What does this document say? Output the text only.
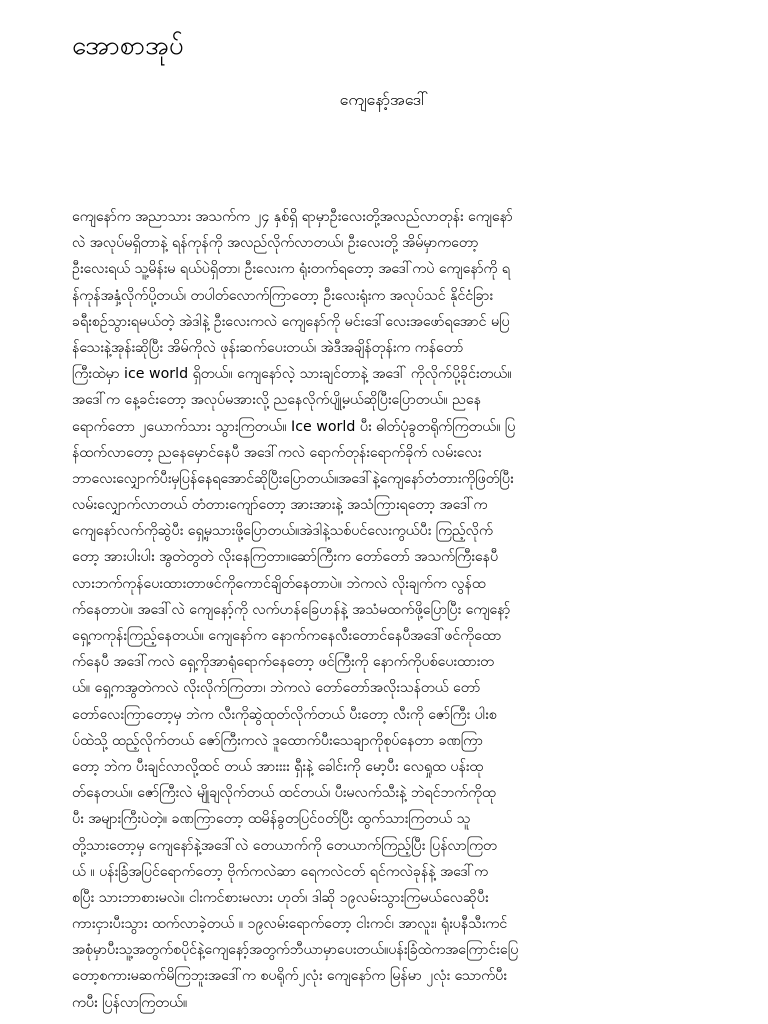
အောစာအုပ်
ကျေနော့်အဒေါ်
ကျေနော်က အညာသား အသက်က ၂၄ နှစ်ရှိ ရာမှာဦးလေးတို့အလည်လာတုန်း ကျေနော်
လဲ အလုပ်မရှိတာနဲ့ ရန်ကုန်ကို အလည်လိုက်လာတယ်၊ ဦးလေးတို့ အိမ်မှာကတော့
ဦးလေးရယ် သူ့မိန်းမ ရယ်ပဲရှိတာ၊ ဦးလေးက ရုံးတက်ရတော့ အဒေါ်ကပဲ ကျေနော်ကို ရ
န်ကုန်အနှံ့လိုက်ပို့တယ်၊ တပါတ်လောက်ကြာတော့ ဦးလေးရုံးက အလုပ်သင် နိုင်ငံခြား
ခရီးစဉ်သွားရမယ်တဲ့ အဲဒါနဲ့ ဦးလေးကလဲ ကျေနော်ကို မင်းဒေါ်လေးအဖော်ရအောင် မပြ
န်သေးနဲ့အုန်းဆိုပြီး အိမ်ကိုလဲ ဖုန်းဆက်ပေးတယ်၊ အဲဒီအချိန်တုန်းက ကန်တော်
ကြီးထဲမှာ ice world ရှိတယ်။ ကျေနော်လဲ့ သားချင်တာနဲ့ အဒေါ် ကိုလိုက်ပို့ခိုင်းတယ်။
အဒေါ်က နေ့ခင်းတော့ အလုပ်မအားလို့ ညနေလိုက်ပျို့မယ်ဆိုပြီးပြောတယ်။ ညနေ
ရောက်တော ၂ယောက်သား သွားကြတယ်။ Ice world ပီး ဓါတ်ပုံခွတရိုက်ကြတယ်။ ပြ
န်ထက်လာတော့ ညနေမှောင်နေပီ အဒေါ်ကလဲ ရောက်တုန်းရောက်ခိုက် လမ်းလေး
ဘာလေးလျှောက်ပီးမှပြန်နေရအောင်ဆိုပြီးပြောတယ်။အဒေါ်နဲ့ကျေနော်တံတားကိုဖြတ်ပြီး
လမ်းလျှောက်လာတယ် တံတားကျော်တော့ အားအားနဲ့ အသံကြားရတော့ အဒေါ်က
ကျေနော်လက်ကိုဆွဲပီး ရှေ့မှသားဖို့ပြောတယ်။အဲဒါနဲ့သစ်ပင်လေးကွယ်ပီး ကြည့်လိုက်
တော့ အားပါးပါး အွတဲတွတဲ လိုးနေကြတာ။ဆော်ကြီးက တော်တော် အသက်ကြီးနေပီ
လားဘက်ကုန်ပေးထားတာဖင်ကိုကောင်ချိတ်နေတာပဲ။ ဘဲကလဲ လိုးချက်က လွန်ထ
က်နေတာပဲ။ အဒေါ်လဲ ကျေနော့်ကို လက်ဟန်ခြေဟန်နဲ့ အသံမထက်ဖို့ပြောပြီး ကျေနော့်
ရှေ့ကကုန်းကြည့်နေတယ်။ ကျေနော်က နောက်ကနေလီးတောင်နေပီအဒေါ်ဖင်ကိုထော
က်နေပီ အဒေါ်ကလဲ ရှေ့ကိုအာရုံရောက်နေတော့ ဖင်ကြီးကို နောက်ကိုပစ်ပေးထားတ
ယ်။ ရှေ့ကအွတဲကလဲ လိုးလိုက်ကြတာ၊ ဘဲကလဲ တော်တော်အလိုးသန်တယ် တော်
တော်လေးကြာတော့မှ ဘဲက လီးကိုဆွဲထုတ်လိုက်တယ် ပီးတော့ လီးကို ဇော်ကြီး ပါးစ
ပ်ထဲသို့ ထည့်လိုက်တယ် ဇော်ကြီးကလဲ ဒူထောက်ပီးသေချာကိုစုပ်နေတာ ခဏကြာ
တော့ ဘဲက ပီးချင်လာလို့ထင် တယ် အားးးး ရှီးနဲ့ ခေါင်းကို မော့ပီး လေရှုထ ပန်းထု
တ်နေတယ်။ ဇော်ကြီးလဲ မျိုချလိုက်တယ် ထင်တယ်၊ ပီးမလက်သီးနဲ့ ဘဲရင်ဘက်ကိုထု
ပီး အများကြီးပဲတဲ့။ ခဏကြာတော့ ထမိန်ခွတပြင်ဝတ်ပြီး ထွက်သားကြတယ် သူ
တို့သားတော့မှ ကျေနော်နဲ့အဒေါ်လဲ တေယာက်ကို တေယာက်ကြည့်ပြီး ပြန်လာကြတ
ယ် ။ ပန်းခြံအပြင်ရောက်တော့ ဗိုက်ကလဲဆာ ရေကလဲငတ် ရင်ကလဲခုန်နဲ့ အဒေါ်က
စပြီး သားဘာစားမလဲ။ ငါးကင်စားမလား ဟုတ်၊ ဒါဆို ၁၉လမ်းသွားကြမယ်လေဆိုပီး
ကားငှားပီးသွား ထက်လာခဲ့တယ် ။ ၁၉လမ်းရောက်တော့ ငါးကင်၊ အာလူး၊ ရုံးပနီသီးကင်
အစုံမှာပီးသူ့အတွက်စပိုင်နဲ့ကျေနော့်အတွက်ဘီယာမှာပေးတယ်။ပန်းခြံထဲကအကြောင်းပြေ
တော့စကားမဆက်မိကြဘူးအဒေါ်က စပရိုက်၂လုံး ကျေနော်က မြန်မာ ၂လုံး သောက်ပီး
ကပီး ပြန်လာကြတယ်။
